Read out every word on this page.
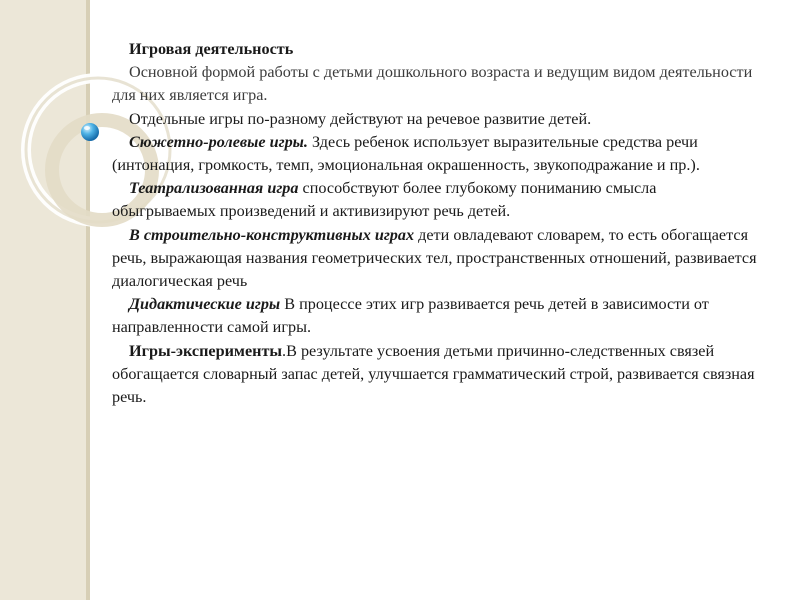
Игровая деятельность

Основной формой работы с детьми дошкольного возраста и ведущим видом деятельности для них является игра.

Отдельные игры по-разному действуют на речевое развитие детей.

Сюжетно-ролевые игры. Здесь ребенок использует выразительные средства речи (интонация, громкость, темп, эмоциональная окрашенность, звукоподражание и пр.).

Театрализованная игра способствуют более глубокому пониманию смысла обыгрываемых произведений и активизируют речь детей.

В строительно-конструктивных играх дети овладевают словарем, то есть обогащается речь, выражающая названия геометрических тел, пространственных отношений, развивается диалогическая речь

Дидактические игры В процессе этих игр развивается речь детей в зависимости от направленности самой игры.

Игры-эксперименты.В результате усвоения детьми причинно-следственных связей обогащается словарный запас детей, улучшается грамматический строй, развивается связная речь.
